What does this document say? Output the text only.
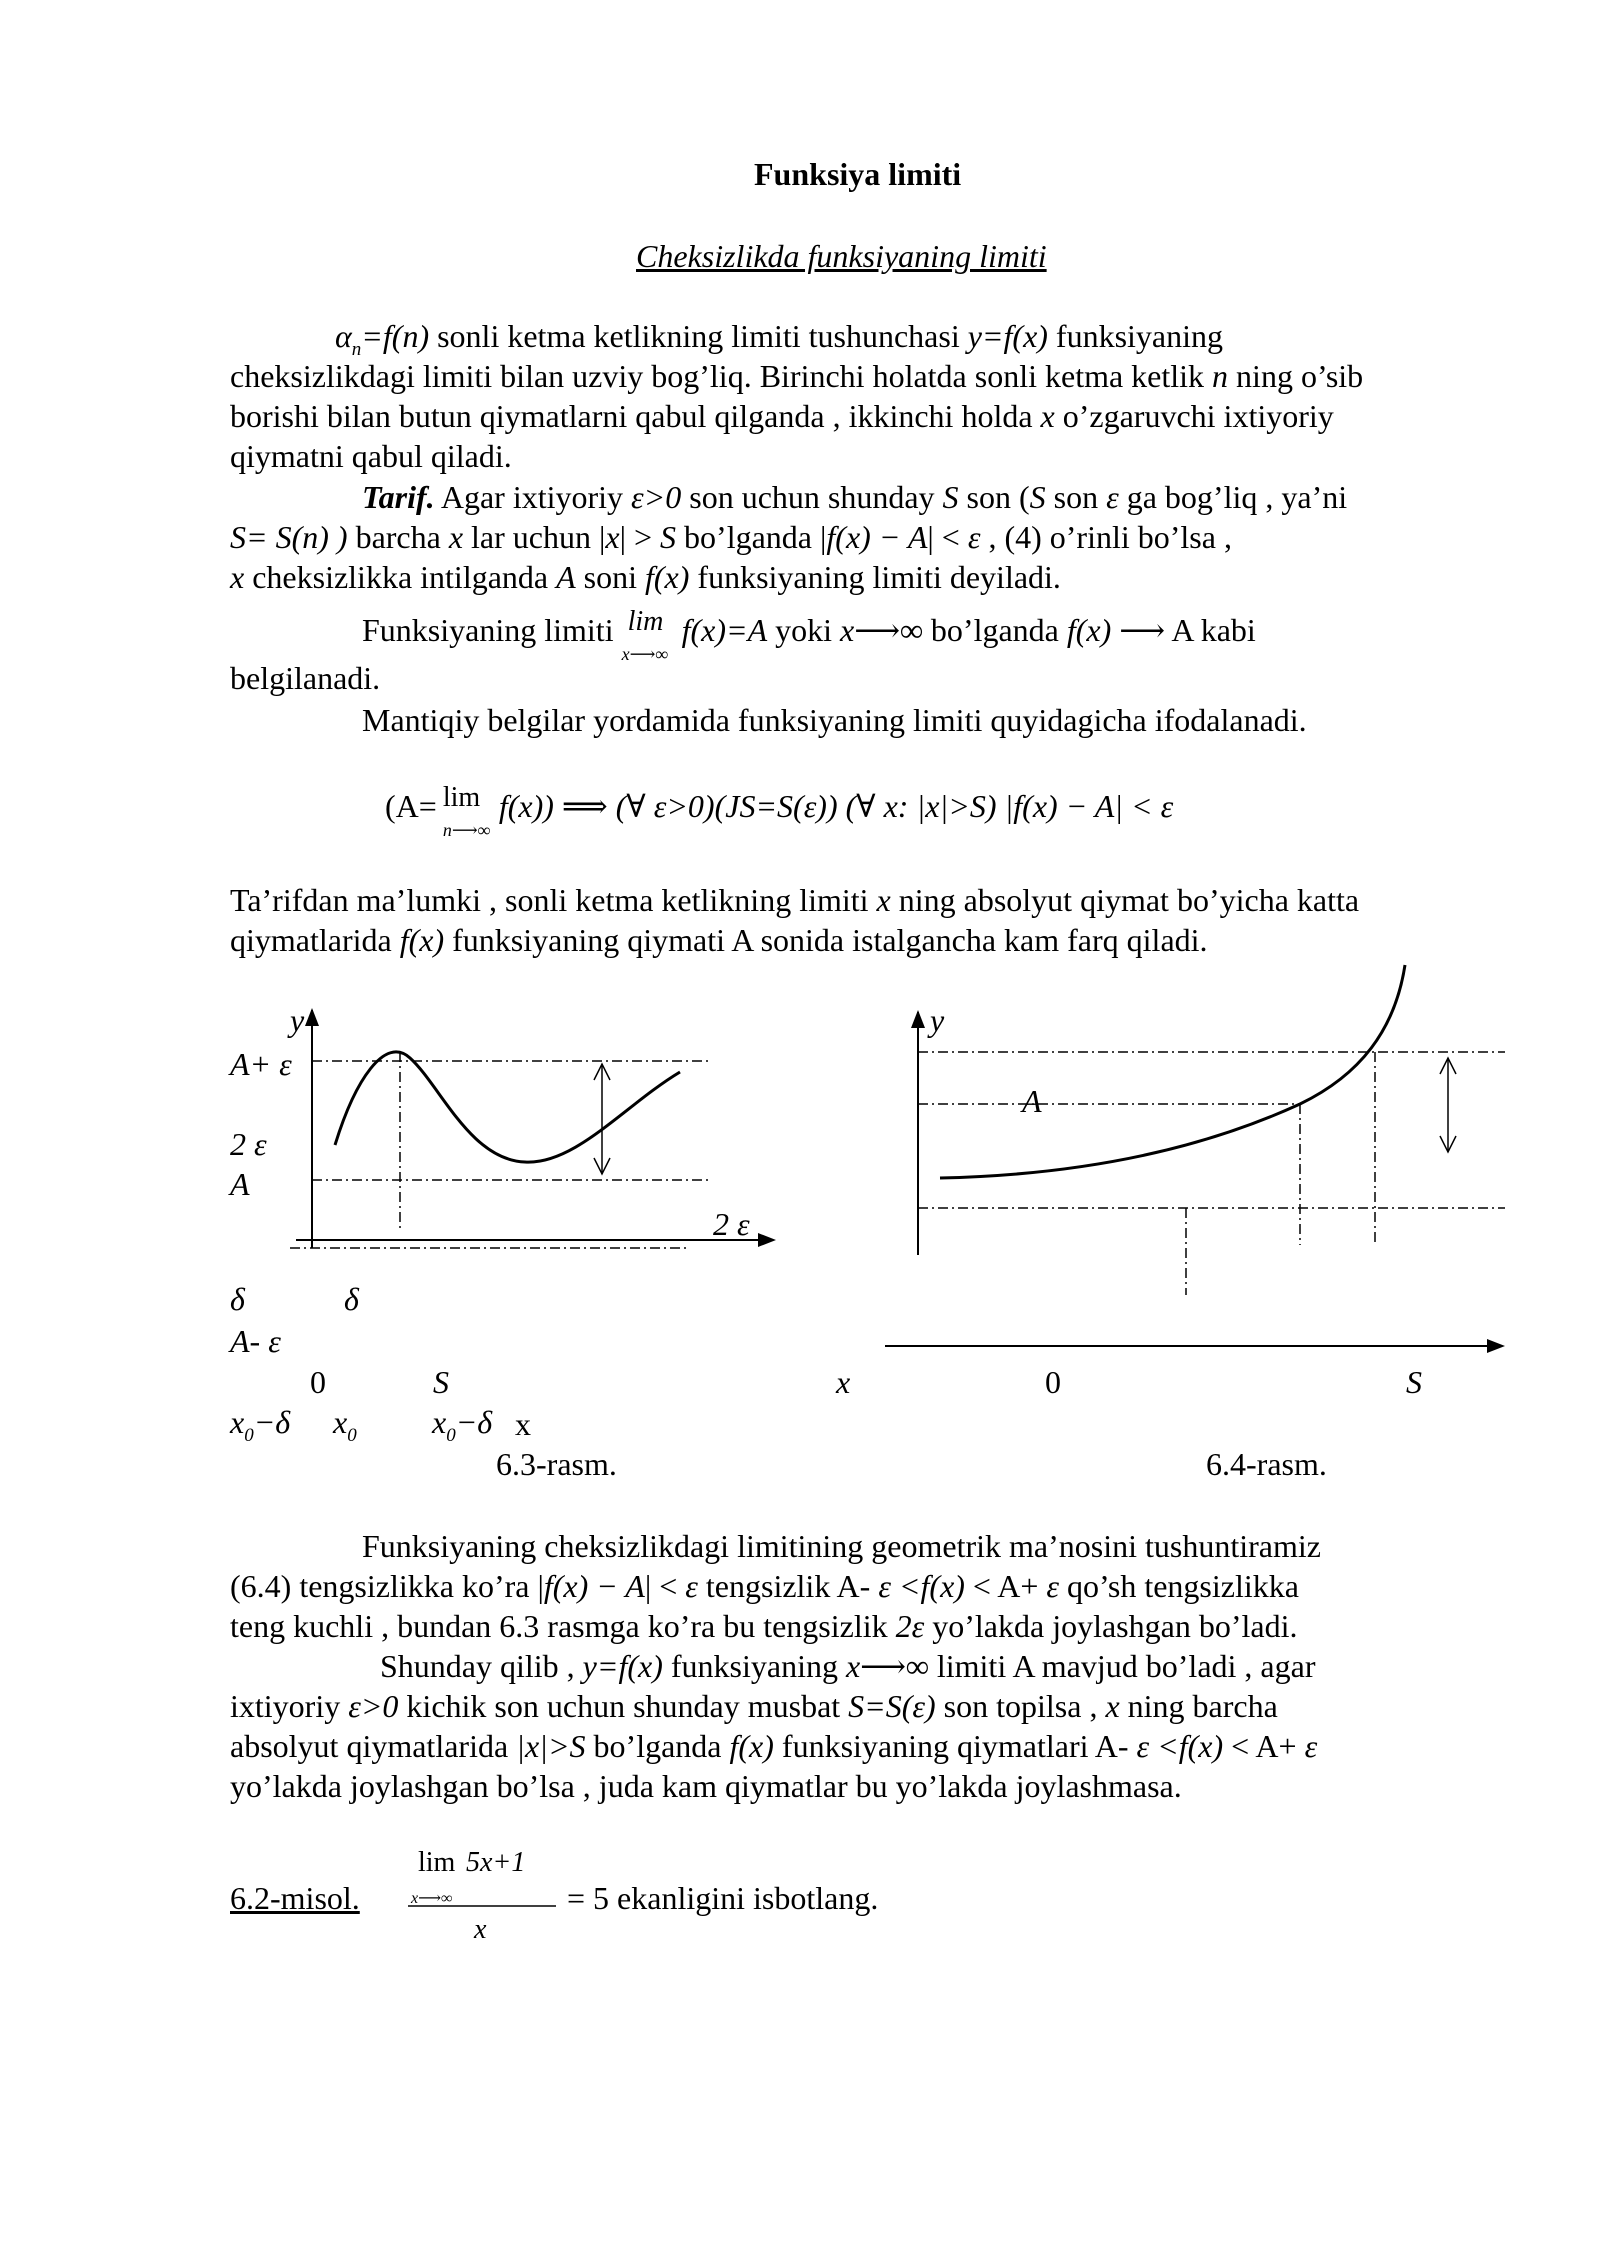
Funksiya limiti
Cheksizlikda funksiyaning limiti
$\alpha_n=f(n)$ sonli ketma ketlikning limiti tushunchasi y=f(x) funksiyaning
cheksizlikdagi limiti bilan uzviy bog’liq. Birinchi holatda sonli ketma ketlik n ning o’sib
borishi bilan butun qiymatlarni qabul qilganda , ikkinchi holda x o’zgaruvchi ixtiyoriy
qiymatni qabul qiladi.
Tarif. Agar ixtiyoriy ε>0 son uchun shunday S son (S son ε ga bog’liq , ya’ni
S= S(n) ) barcha x lar uchun |x| > S bo’lganda |f(x) − A| < ε , (4) o’rinli bo’lsa ,
x cheksizlikka intilganda A soni f(x) funksiyaning limiti deyiladi.
Funksiyaning limiti lim
x⟶∞
f(x)=A yoki x⟶∞ bo’lganda f(x) ⟶ A kabi
belgilanadi.
Mantiqiy belgilar yordamida funksiyaning limiti quyidagicha ifodalanadi.
(A= lim
n⟶∞
f(x)) ⟹ (∀ ε>0)(JS=S(ε)) (∀ x: |x|>S) |f(x) − A| < ε
Ta’rifdan ma’lumki , sonli ketma ketlikning limiti x ning absolyut qiymat bo’yicha katta
qiymatlarida f(x) funksiyaning qiymati A sonida istalgancha kam farq qiladi.
y
A+ ε
2 ε
A
2 ε
δ	δ
A- ε
0	S
$x_0-\delta$ $x_0$ $x_0-\delta$ x
6.3-rasm.
y
A
x	0	S
6.4-rasm.
Funksiyaning cheksizlikdagi limitining geometrik ma’nosini tushuntiramiz
(6.4) tengsizlikka ko’ra |f(x) − A| < ε tengsizlik A- ε <f(x) < A+ ε qo’sh tengsizlikka
teng kuchli , bundan 6.3 rasmga ko’ra bu tengsizlik 2ε yo’lakda joylashgan bo’ladi.
Shunday qilib , y=f(x) funksiyaning x⟶∞ limiti A mavjud bo’ladi , agar
ixtiyoriy ε>0 kichik son uchun shunday musbat S=S(ε) son topilsa , x ning barcha
absolyut qiymatlarida |x|>S bo’lganda f(x) funksiyaning qiymatlari A- ε <f(x) < A+ ε
yo’lakda joylashgan bo’lsa , juda kam qiymatlar bu yo’lakda joylashmasa.
6.2-misol.
lim 5x+1
x⟶∞
x
= 5 ekanligini isbotlang.
